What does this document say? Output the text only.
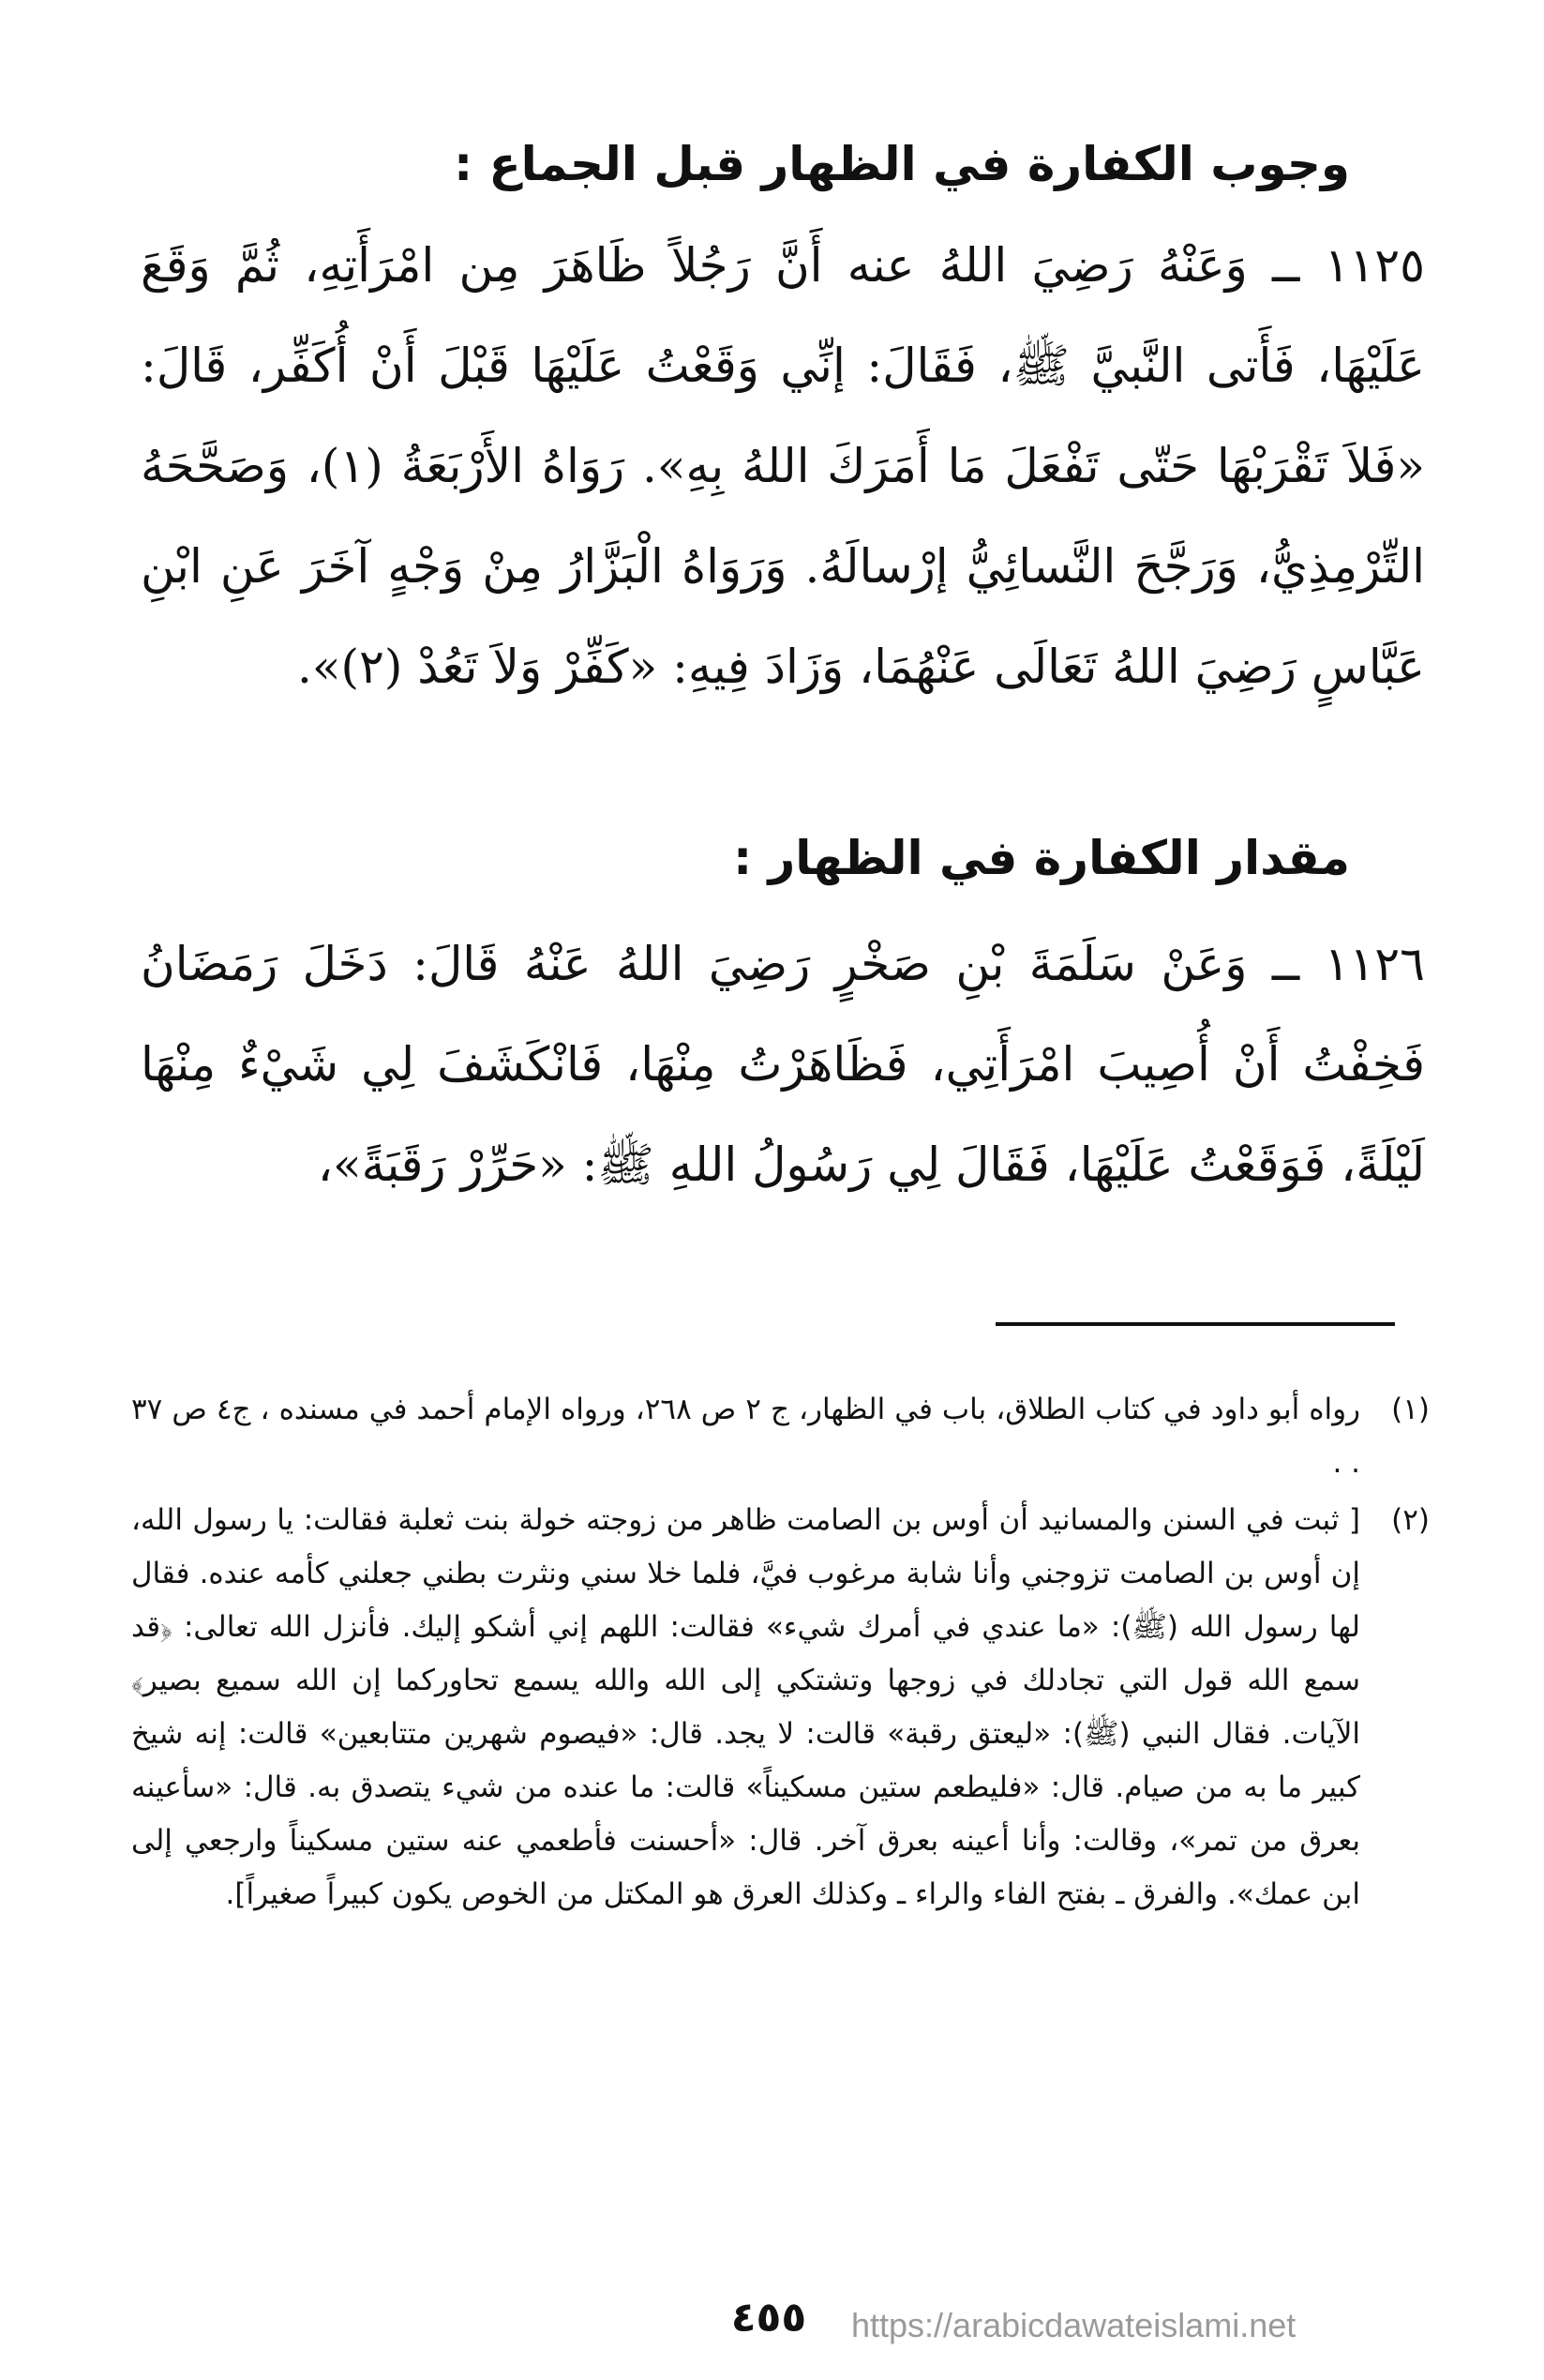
وجوب الكفارة في الظهار قبل الجماع :
١١٢٥ ــ وَعَنْهُ رَضِيَ اللهُ عنه أَنَّ رَجُلاً ظَاهَرَ مِن امْرَأَتِهِ، ثُمَّ وَقَعَ عَلَيْهَا، فَأَتى النَّبيَّ ﷺ، فَقَالَ: إنِّي وَقَعْتُ عَلَيْهَا قَبْلَ أَنْ أُكَفِّر، قَالَ: «فَلاَ تَقْرَبْهَا حَتّى تَفْعَلَ مَا أَمَرَكَ اللهُ بِهِ». رَوَاهُ الأَرْبَعَةُ (١)، وَصَحَّحَهُ التِّرْمِذِيُّ، وَرَجَّحَ النَّسائِيُّ إرْسالَهُ. وَرَوَاهُ الْبَزَّارُ مِنْ وَجْهٍ آخَرَ عَنِ ابْنِ عَبَّاسٍ رَضِيَ اللهُ تَعَالَى عَنْهُمَا، وَزَادَ فِيهِ: «كَفِّرْ وَلاَ تَعُدْ (٢)».
مقدار الكفارة في الظهار :
١١٢٦ ــ وَعَنْ سَلَمَةَ بْنِ صَخْرٍ رَضِيَ اللهُ عَنْهُ قَالَ: دَخَلَ رَمَضَانُ فَخِفْتُ أَنْ أُصِيبَ امْرَأَتِي، فَظَاهَرْتُ مِنْهَا، فَانْكَشَفَ لِي شَيْءٌ مِنْهَا لَيْلَةً، فَوَقَعْتُ عَلَيْهَا، فَقَالَ لِي رَسُولُ اللهِ ﷺ: «حَرِّرْ رَقَبَةً»،
(١)
رواه أبو داود في كتاب الطلاق، باب في الظهار، ج ٢ ص ٢٦٨، ورواه الإمام أحمد في مسنده ، ج٤ ص ٣٧ . .
(٢)
[ ثبت في السنن والمسانيد أن أوس بن الصامت ظاهر من زوجته خولة بنت ثعلبة فقالت: يا رسول الله، إن أوس بن الصامت تزوجني وأنا شابة مرغوب فيَّ، فلما خلا سني ونثرت بطني جعلني كأمه عنده. فقال لها رسول الله (ﷺ): «ما عندي في أمرك شيء» فقالت: اللهم إني أشكو إليك. فأنزل الله تعالى: ﴿قد سمع الله قول التي تجادلك في زوجها وتشتكي إلى الله والله يسمع تحاوركما إن الله سميع بصير﴾ الآيات. فقال النبي (ﷺ): «ليعتق رقبة» قالت: لا يجد. قال: «فيصوم شهرين متتابعين» قالت: إنه شيخ كبير ما به من صيام. قال: «فليطعم ستين مسكيناً» قالت: ما عنده من شيء يتصدق به. قال: «سأعينه بعرق من تمر»، وقالت: وأنا أعينه بعرق آخر. قال: «أحسنت فأطعمي عنه ستين مسكيناً وارجعي إلى ابن عمك». والفرق ـ بفتح الفاء والراء ـ وكذلك العرق هو المكتل من الخوص يكون كبيراً صغيراً].
٤٥٥	https://arabicdawateislami.net
